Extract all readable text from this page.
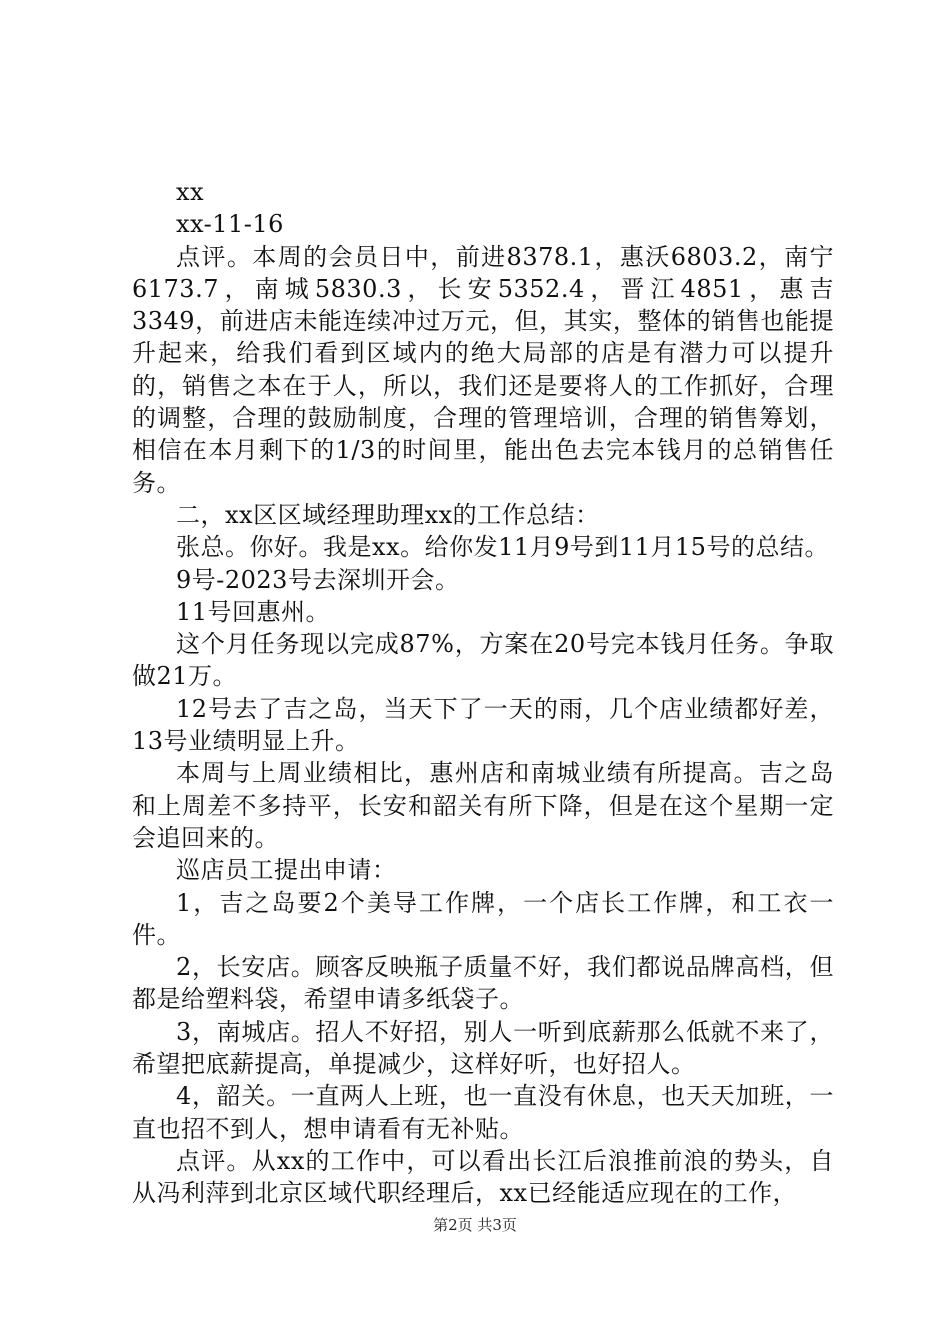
xx

xx-11-16

点评。本周的会员日中，前进8378.1，惠沃6803.2，南宁6173.7，南城5830.3，长安5352.4，晋江4851，惠吉3349，前进店未能连续冲过万元，但，其实，整体的销售也能提升起来，给我们看到区域内的绝大局部的店是有潜力可以提升的，销售之本在于人，所以，我们还是要将人的工作抓好，合理的调整，合理的鼓励制度，合理的管理培训，合理的销售筹划，相信在本月剩下的1/3的时间里，能出色去完本钱月的总销售任务。

二，xx区区域经理助理xx的工作总结：

张总。你好。我是xx。给你发11月9号到11月15号的总结。

9号-2023号去深圳开会。

11号回惠州。

这个月任务现以完成87%，方案在20号完本钱月任务。争取做21万。

12号去了吉之岛，当天下了一天的雨，几个店业绩都好差，13号业绩明显上升。

本周与上周业绩相比，惠州店和南城业绩有所提高。吉之岛和上周差不多持平，长安和韶关有所下降，但是在这个星期一定会追回来的。

巡店员工提出申请：

1，吉之岛要2个美导工作牌，一个店长工作牌，和工衣一件。

2，长安店。顾客反映瓶子质量不好，我们都说品牌高档，但都是给塑料袋，希望申请多纸袋子。

3，南城店。招人不好招，别人一听到底薪那么低就不来了，希望把底薪提高，单提减少，这样好听，也好招人。

4，韶关。一直两人上班，也一直没有休息，也天天加班，一直也招不到人，想申请看有无补贴。

点评。从xx的工作中，可以看出长江后浪推前浪的势头，自从冯利萍到北京区域代职经理后，xx已经能适应现在的工作，

第2页 共3页
